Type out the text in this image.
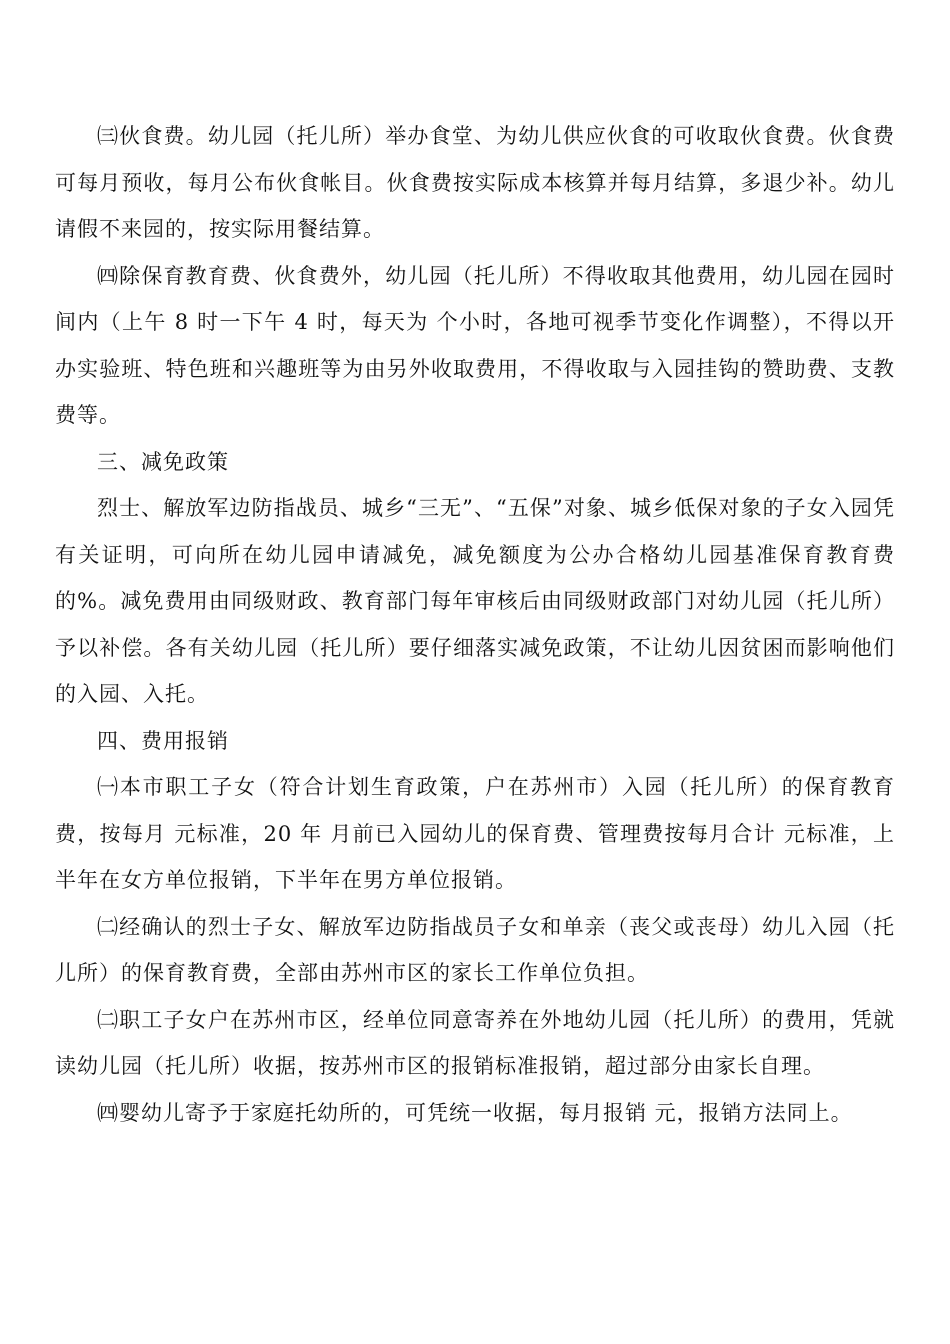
㈢伙食费。幼儿园（托儿所）举办食堂、为幼儿供应伙食的可收取伙食费。伙食费可每月预收，每月公布伙食帐目。伙食费按实际成本核算并每月结算，多退少补。幼儿请假不来园的，按实际用餐结算。

㈣除保育教育费、伙食费外，幼儿园（托儿所）不得收取其他费用，幼儿园在园时间内（上午 8 时一下午 4 时，每天为 个小时，各地可视季节变化作调整），不得以开办实验班、特色班和兴趣班等为由另外收取费用，不得收取与入园挂钩的赞助费、支教费等。

三、减免政策

烈士、解放军边防指战员、城乡“三无”、“五保”对象、城乡低保对象的子女入园凭有关证明，可向所在幼儿园申请减免，减免额度为公办合格幼儿园基准保育教育费的%。减免费用由同级财政、教育部门每年审核后由同级财政部门对幼儿园（托儿所）予以补偿。各有关幼儿园（托儿所）要仔细落实减免政策，不让幼儿因贫困而影响他们的入园、入托。

四、费用报销

㈠本市职工子女（符合计划生育政策，户在苏州市）入园（托儿所）的保育教育费，按每月 元标准，20 年 月前已入园幼儿的保育费、管理费按每月合计 元标准，上半年在女方单位报销，下半年在男方单位报销。

㈡经确认的烈士子女、解放军边防指战员子女和单亲（丧父或丧母）幼儿入园（托儿所）的保育教育费，全部由苏州市区的家长工作单位负担。

㈡职工子女户在苏州市区，经单位同意寄养在外地幼儿园（托儿所）的费用，凭就读幼儿园（托儿所）收据，按苏州市区的报销标准报销，超过部分由家长自理。

㈣婴幼儿寄予于家庭托幼所的，可凭统一收据，每月报销 元，报销方法同上。
